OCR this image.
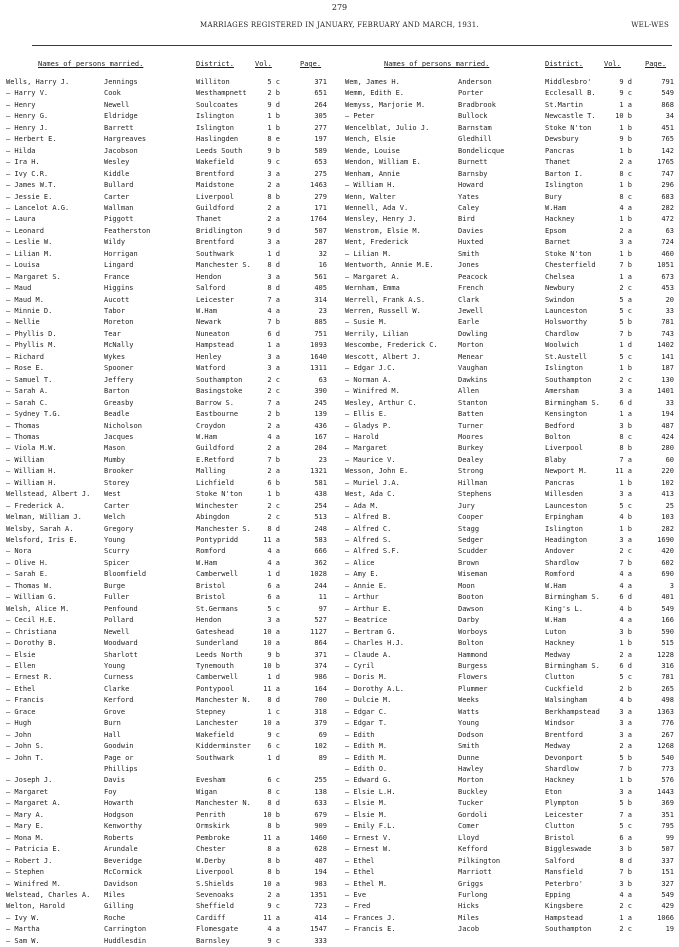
279
MARRIAGES REGISTERED IN JANUARY, FEBRUARY AND MARCH, 1931.	WEL-WES
Names of persons married.	District.	Vol.	Page.	Names of persons married.	District.	Vol.	Page.
Wells, Harry J.	Jennings	Williton	5 c	371	Wem, James H.	Anderson	Middlesbro'	9 d	791
— Harry V.	Cook	Westhampnett	2 b	651	Wemm, Edith E.	Porter	Ecclesall B.	9 c	549
— Henry	Newell	Soulcoates	9 d	264	Wemyss, Marjorie M.	Bradbrook	St.Martin	1 a	868
— Henry G.	Eldridge	Islington	1 b	305	— Peter	Bullock	Newcastle T.	10 b	34
— Henry J.	Barrett	Islington	1 b	277	Wencelblat, Julio J.	Barnstam	Stoke N'ton	1 b	451
— Herbert E.	Hargreaves	Haslingden	8 e	197	Wench, Elsie	Gledhill	Dewsbury	9 b	765
— Hilda	Jacobson	Leeds South	9 b	589	Wende, Louise	Bondelicque	Pancras	1 b	142
— Ira H.	Wesley	Wakefield	9 c	653	Wendon, William E.	Burnett	Thanet	2 a	1765
— Ivy C.R.	Kiddle	Brentford	3 a	275	Wenham, Annie	Barnsby	Barton I.	8 c	747
— James W.T.	Bullard	Maidstone	2 a	1463	— William H.	Howard	Islington	1 b	296
— Jessie E.	Carter	Liverpool	8 b	279	Wenn, Walter	Yates	Bury	8 c	683
— Lancelot A.G.	Wallman	Guildford	2 a	171	Wennell, Ada V.	Caley	W.Ham	4 a	282
— Laura	Piggott	Thanet	2 a	1764	Wensley, Henry J.	Bird	Hackney	1 b	472
— Leonard	Featherston	Bridlington	9 d	507	Wenstrom, Elsie M.	Davies	Epsom	2 a	63
— Leslie W.	Wildy	Brentford	3 a	287	Went, Frederick	Huxted	Barnet	3 a	724
— Lilian M.	Horrigan	Southwark	1 d	32	— Lilian M.	Smith	Stoke N'ton	1 b	460
— Louisa	Lingard	Manchester S.	8 d	16	Wentworth, Annie M.E.	Jones	Chesterfield	7 b	1051
— Margaret S.	France	Hendon	3 a	561	— Margaret A.	Peacock	Chelsea	1 a	673
— Maud	Higgins	Salford	8 d	405	Wernham, Emma	French	Newbury	2 c	453
— Maud M.	Aucott	Leicester	7 a	314	Werrell, Frank A.S.	Clark	Swindon	5 a	20
— Minnie D.	Tabor	W.Ham	4 a	23	Werren, Russell W.	Jewell	Launceston	5 c	33
— Nellie	Moreton	Newark	7 b	885	— Susie M.	Earle	Holsworthy	5 b	781
— Phyllis D.	Tear	Nuneaton	6 d	751	Werrily, Lilian	Dowling	Chardlow	7 b	743
— Phyllis M.	McNally	Hampstead	1 a	1093	Wescombe, Frederick C.	Morton	Woolwich	1 d	1402
— Richard	Wykes	Henley	3 a	1640	Wescott, Albert J.	Menear	St.Austell	5 c	141
— Rose E.	Spooner	Watford	3 a	1311	— Edgar J.C.	Vaughan	Islington	1 b	187
— Samuel T.	Jeffery	Southampton	2 c	63	— Norman A.	Dawkins	Southampton	2 c	130
— Sarah A.	Barton	Basingstoke	2 c	390	— Winifred M.	Allen	Amersham	3 a	1401
— Sarah C.	Greasby	Barrow S.	7 a	245	Wesley, Arthur C.	Stanton	Birmingham S.	6 d	33
— Sydney T.G.	Beadle	Eastbourne	2 b	139	— Ellis E.	Batten	Kensington	1 a	194
— Thomas	Nicholson	Croydon	2 a	436	— Gladys P.	Turner	Bedford	3 b	487
— Thomas	Jacques	W.Ham	4 a	167	— Harold	Moores	Bolton	8 c	424
— Viola M.W.	Mason	Guildford	2 a	204	— Margaret	Burkey	Liverpool	8 b	280
— William	Mumby	E.Retford	7 b	23	— Maurice V.	Dealey	Blaby	7 a	60
— William H.	Brooker	Malling	2 a	1321	Wesson, John E.	Strong	Newport M.	11 a	220
— William H.	Storey	Lichfield	6 b	581	— Muriel J.A.	Hillman	Pancras	1 b	102
Wellstead, Albert J. West	Stoke N'ton	1 b	438	West, Ada C.	Stephens	Willesden	3 a	413
— Frederick A.	Carter	Winchester	2 c	254	— Ada M.	Jury	Launceston	5 c	25
Welman, William J.	Welch	Abingdon	2 c	513	— Alfred B.	Cooper	Erpingham	4 b	103
Welsby, Sarah A.	Gregory	Manchester S.	8 d	248	— Alfred C.	Stagg	Islington	1 b	282
Welsford, Iris E.	Young	Pontypridd	11 a	583	— Alfred S.	Sedger	Headington	3 a	1690
— Nora	Scurry	Romford	4 a	666	— Alfred S.F.	Scudder	Andover	2 c	420
— Olive H.	Spicer	W.Ham	4 a	362	— Alice	Brown	Shardlow	7 b	602
— Sarah E.	Bloomfield	Camberwell	1 d	1028	— Amy E.	Wiseman	Romford	4 a	690
— Thomas W.	Burge	Bristol	6 a	244	— Annie E.	Moon	W.Ham	4 a	3
— William G.	Fuller	Bristol	6 a	11	— Arthur	Booton	Birmingham S.	6 d	401
Welsh, Alice M.	Penfound	St.Germans	5 c	97	— Arthur E.	Dawson	King's L.	4 b	549
— Cecil H.E.	Pollard	Hendon	3 a	527	— Beatrice	Darby	W.Ham	4 a	166
— Christiana	Newell	Gateshead	10 a	1127	— Bertram G.	Worboys	Luton	3 b	590
— Dorothy B.	Woodward	Sunderland	10 a	864	— Charles H.J.	Bolton	Hackney	1 b	515
— Elsie	Sharlott	Leeds North	9 b	371	— Claude A.	Hammond	Medway	2 a	1228
— Ellen	Young	Tynemouth	10 b	374	— Cyril	Burgess	Birmingham S.	6 d	316
— Ernest R.	Curness	Camberwell	1 d	986	— Doris M.	Flowers	Clutton	5 c	781
— Ethel	Clarke	Pontypool	11 a	164	— Dorothy A.L.	Plummer	Cuckfield	2 b	265
— Francis	Kerford	Manchester N.	8 d	700	— Dulcie M.	Weeks	Walsingham	4 b	498
— Grace	Grove	Stepney	1 c	318	— Edgar C.	Watts	Berkhampstead	3 a	1363
— Hugh	Burn	Lanchester	10 a	379	— Edgar T.	Young	Windsor	3 a	776
— John	Hall	Wakefield	9 c	69	— Edith	Dodson	Brentford	3 a	267
— John S.	Goodwin	Kidderminster	6 c	102	— Edith M.	Smith	Medway	2 a	1268
— John T.	Page or	Southwark	1 d	89	— Edith M.	Dunne	Devonport	5 b	540
Phillips	— Edith O.	Hawley	Shardlow	7 b	773
— Joseph J.	Davis	Evesham	6 c	255	— Edward G.	Morton	Hackney	1 b	576
— Margaret	Foy	Wigan	8 c	138	— Elsie L.H.	Buckley	Eton	3 a	1443
— Margaret A.	Howarth	Manchester N.	8 d	633	— Elsie M.	Tucker	Plympton	5 b	369
— Mary A.	Hodgson	Penrith	10 b	679	— Elsie M.	Gordoli	Leicester	7 a	351
— Mary E.	Kenworthy	Ormskirk	8 b	909	— Emily F.L.	Comer	Clutton	5 c	795
— Mona M.	Roberts	Pembroke	11 a	1460	— Ernest V.	Lloyd	Bristol	6 a	99
— Patricia E.	Arundale	Chester	8 a	628	— Ernest W.	Kefford	Biggleswade	3 b	507
— Robert J.	Beveridge	W.Derby	8 b	407	— Ethel	Pilkington	Salford	8 d	337
— Stephen	McCormick	Liverpool	8 b	194	— Ethel	Marriott	Mansfield	7 b	151
— Winifred M.	Davidson	S.Shields	10 a	983	— Ethel M.	Griggs	Peterbro'	3 b	327
Welstead, Charles A. Miles	Sevenoaks	2 a	1351	— Eve	Furlong	Epping	4 a	549
Welton, Harold	Gilling	Sheffield	9 c	723	— Fred	Hicks	Kingsbere	2 c	429
— Ivy W.	Roche	Cardiff	11 a	414	— Frances J.	Miles	Hampstead	1 a	1066
— Martha	Carrington	Flomesgate	4 a	1547	— Francis E.	Jacob	Southampton	2 c	19
— Sam W.	Huddlesdin	Barnsley	9 c	333
